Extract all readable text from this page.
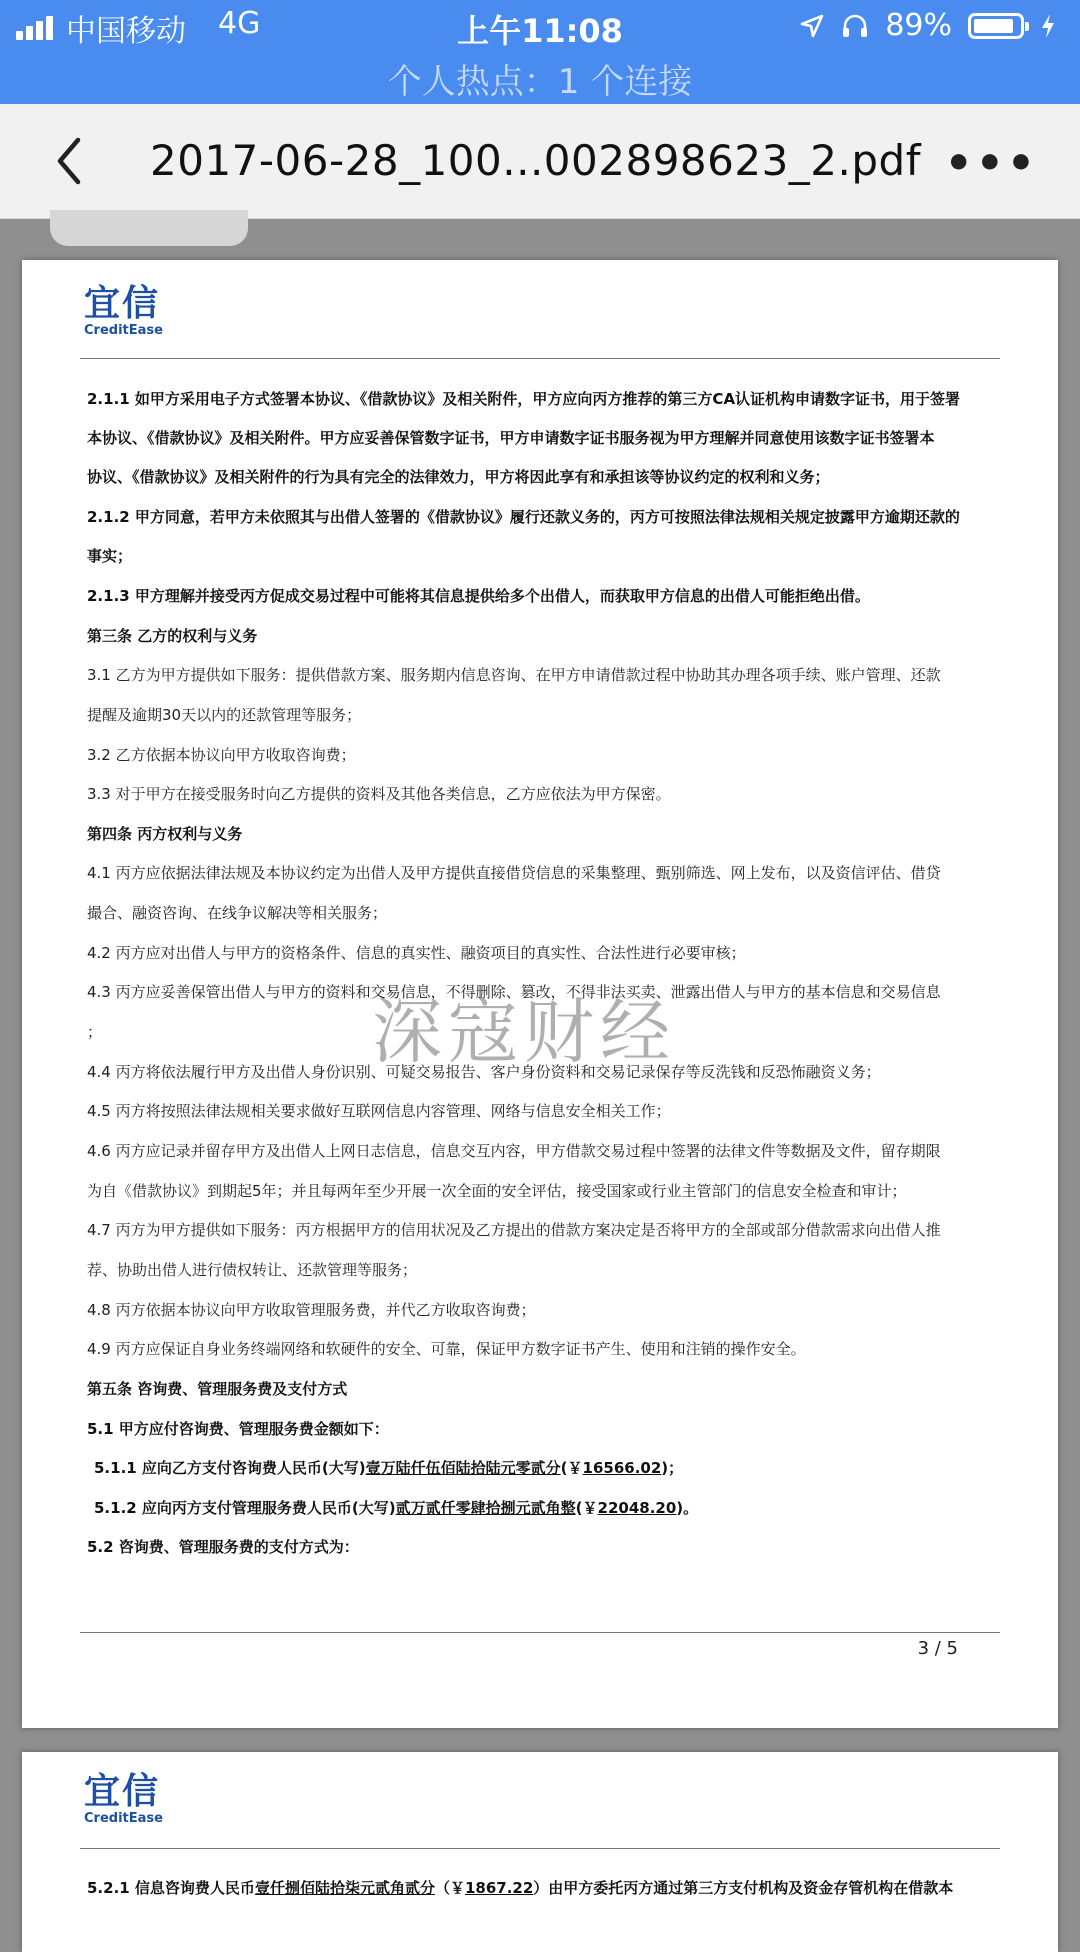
中国移动 4G	上午11:08	89%
个人热点：1 个连接
2017-06-28_100...002898623_2.pdf •••
宜信
CreditEase
2.1.1 如甲方采用电子方式签署本协议、《借款协议》及相关附件，甲方应向丙方推荐的第三方CA认证机构申请数字证书，用于签署
本协议、《借款协议》及相关附件。甲方应妥善保管数字证书，甲方申请数字证书服务视为甲方理解并同意使用该数字证书签署本
协议、《借款协议》及相关附件的行为具有完全的法律效力，甲方将因此享有和承担该等协议约定的权利和义务；
2.1.2 甲方同意，若甲方未依照其与出借人签署的《借款协议》履行还款义务的，丙方可按照法律法规相关规定披露甲方逾期还款的
事实；
2.1.3 甲方理解并接受丙方促成交易过程中可能将其信息提供给多个出借人，而获取甲方信息的出借人可能拒绝出借。
第三条 乙方的权利与义务
3.1 乙方为甲方提供如下服务：提供借款方案、服务期内信息咨询、在甲方申请借款过程中协助其办理各项手续、账户管理、还款
提醒及逾期30天以内的还款管理等服务；
3.2 乙方依据本协议向甲方收取咨询费；
3.3 对于甲方在接受服务时向乙方提供的资料及其他各类信息，乙方应依法为甲方保密。
第四条 丙方权利与义务
4.1 丙方应依据法律法规及本协议约定为出借人及甲方提供直接借贷信息的采集整理、甄别筛选、网上发布，以及资信评估、借贷
撮合、融资咨询、在线争议解决等相关服务；
4.2 丙方应对出借人与甲方的资格条件、信息的真实性、融资项目的真实性、合法性进行必要审核；
4.3 丙方应妥善保管出借人与甲方的资料和交易信息，不得删除、篡改，不得非法买卖、泄露出借人与甲方的基本信息和交易信息
；
4.4 丙方将依法履行甲方及出借人身份识别、可疑交易报告、客户身份资料和交易记录保存等反洗钱和反恐怖融资义务；
4.5 丙方将按照法律法规相关要求做好互联网信息内容管理、网络与信息安全相关工作；
4.6 丙方应记录并留存甲方及出借人上网日志信息，信息交互内容，甲方借款交易过程中签署的法律文件等数据及文件，留存期限
为自《借款协议》到期起5年；并且每两年至少开展一次全面的安全评估，接受国家或行业主管部门的信息安全检查和审计；
4.7 丙方为甲方提供如下服务：丙方根据甲方的信用状况及乙方提出的借款方案决定是否将甲方的全部或部分借款需求向出借人推
荐、协助出借人进行债权转让、还款管理等服务；
4.8 丙方依据本协议向甲方收取管理服务费，并代乙方收取咨询费；
4.9 丙方应保证自身业务终端网络和软硬件的安全、可靠，保证甲方数字证书产生、使用和注销的操作安全。
第五条 咨询费、管理服务费及支付方式
5.1 甲方应付咨询费、管理服务费金额如下：
5.1.1 应向乙方支付咨询费人民币(大写)壹万陆仟伍佰陆拾陆元零贰分(￥16566.02)；
5.1.2 应向丙方支付管理服务费人民币(大写)贰万贰仟零肆拾捌元贰角整(￥22048.20)。
5.2 咨询费、管理服务费的支付方式为：
3 / 5
深寇财经
宜信
CreditEase
5.2.1 信息咨询费人民币壹仟捌佰陆拾柒元贰角贰分（￥1867.22）由甲方委托丙方通过第三方支付机构及资金存管机构在借款本
